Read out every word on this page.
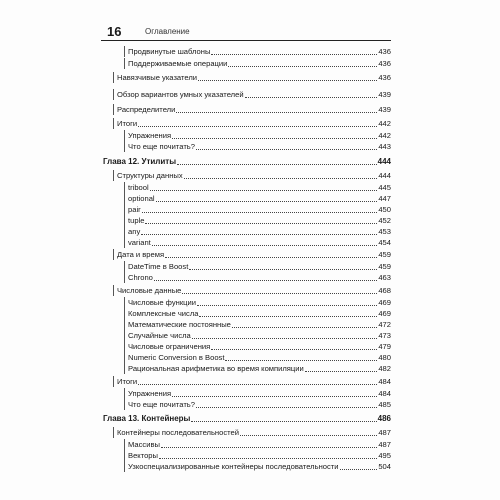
16	Оглавление
Продвинутые шаблоны	436
Поддерживаемые операции	436
Навязчивые указатели	436
Обзор вариантов умных указателей	439
Распределители	439
Итоги	442
Упражнения	442
Что еще почитать?	443
Глава 12. Утилиты	444
Структуры данных	444
tribool	445
optional	447
pair	450
tuple	452
any	453
variant	454
Дата и время	459
DateTime в Boost	459
Chrono	463
Числовые данные	468
Числовые функции	469
Комплексные числа	469
Математические постоянные	472
Случайные числа	473
Числовые ограничения	479
Numeric Conversion в Boost	480
Рациональная арифметика во время компиляции	482
Итоги	484
Упражнения	484
Что еще почитать?	485
Глава 13. Контейнеры	486
Контейнеры последовательностей	487
Массивы	487
Векторы	495
Узкоспециализированные контейнеры последовательности	504
